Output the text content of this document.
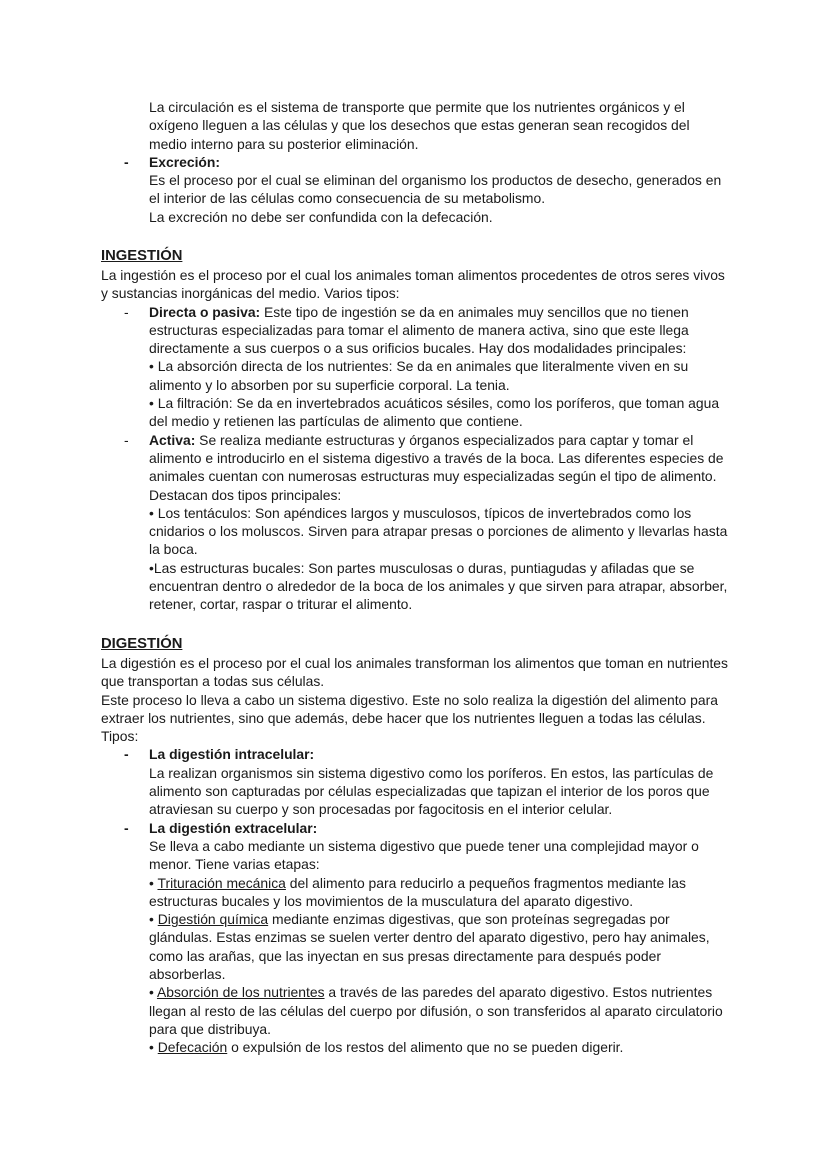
La circulación es el sistema de transporte que permite que los nutrientes orgánicos y el oxígeno lleguen a las células y que los desechos que estas generan sean recogidos del medio interno para su posterior eliminación.

- Excreción:

Es el proceso por el cual se eliminan del organismo los productos de desecho, generados en el interior de las células como consecuencia de su metabolismo.

La excreción no debe ser confundida con la defecación.

INGESTIÓN

La ingestión es el proceso por el cual los animales toman alimentos procedentes de otros seres vivos y sustancias inorgánicas del medio. Varios tipos:

- Directa o pasiva: Este tipo de ingestión se da en animales muy sencillos que no tienen estructuras especializadas para tomar el alimento de manera activa, sino que este llega directamente a sus cuerpos o a sus orificios bucales. Hay dos modalidades principales:

• La absorción directa de los nutrientes: Se da en animales que literalmente viven en su alimento y lo absorben por su superficie corporal. La tenia.

• La filtración: Se da en invertebrados acuáticos sésiles, como los poríferos, que toman agua del medio y retienen las partículas de alimento que contiene.

- Activa: Se realiza mediante estructuras y órganos especializados para captar y tomar el alimento e introducirlo en el sistema digestivo a través de la boca. Las diferentes especies de animales cuentan con numerosas estructuras muy especializadas según el tipo de alimento. Destacan dos tipos principales:

• Los tentáculos: Son apéndices largos y musculosos, típicos de invertebrados como los cnidarios o los moluscos. Sirven para atrapar presas o porciones de alimento y llevarlas hasta la boca.

•Las estructuras bucales: Son partes musculosas o duras, puntiagudas y afiladas que se encuentran dentro o alrededor de la boca de los animales y que sirven para atrapar, absorber, retener, cortar, raspar o triturar el alimento.

DIGESTIÓN

La digestión es el proceso por el cual los animales transforman los alimentos que toman en nutrientes que transportan a todas sus células.

Este proceso lo lleva a cabo un sistema digestivo. Este no solo realiza la digestión del alimento para extraer los nutrientes, sino que además, debe hacer que los nutrientes lleguen a todas las células.

Tipos:

- La digestión intracelular:

La realizan organismos sin sistema digestivo como los poríferos. En estos, las partículas de alimento son capturadas por células especializadas que tapizan el interior de los poros que atraviesan su cuerpo y son procesadas por fagocitosis en el interior celular.

- La digestión extracelular:

Se lleva a cabo mediante un sistema digestivo que puede tener una complejidad mayor o menor. Tiene varias etapas:

• Trituración mecánica del alimento para reducirlo a pequeños fragmentos mediante las estructuras bucales y los movimientos de la musculatura del aparato digestivo.

• Digestión química mediante enzimas digestivas, que son proteínas segregadas por glándulas. Estas enzimas se suelen verter dentro del aparato digestivo, pero hay animales, como las arañas, que las inyectan en sus presas directamente para después poder absorberlas.

• Absorción de los nutrientes a través de las paredes del aparato digestivo. Estos nutrientes llegan al resto de las células del cuerpo por difusión, o son transferidos al aparato circulatorio para que distribuya.

• Defecación o expulsión de los restos del alimento que no se pueden digerir.
